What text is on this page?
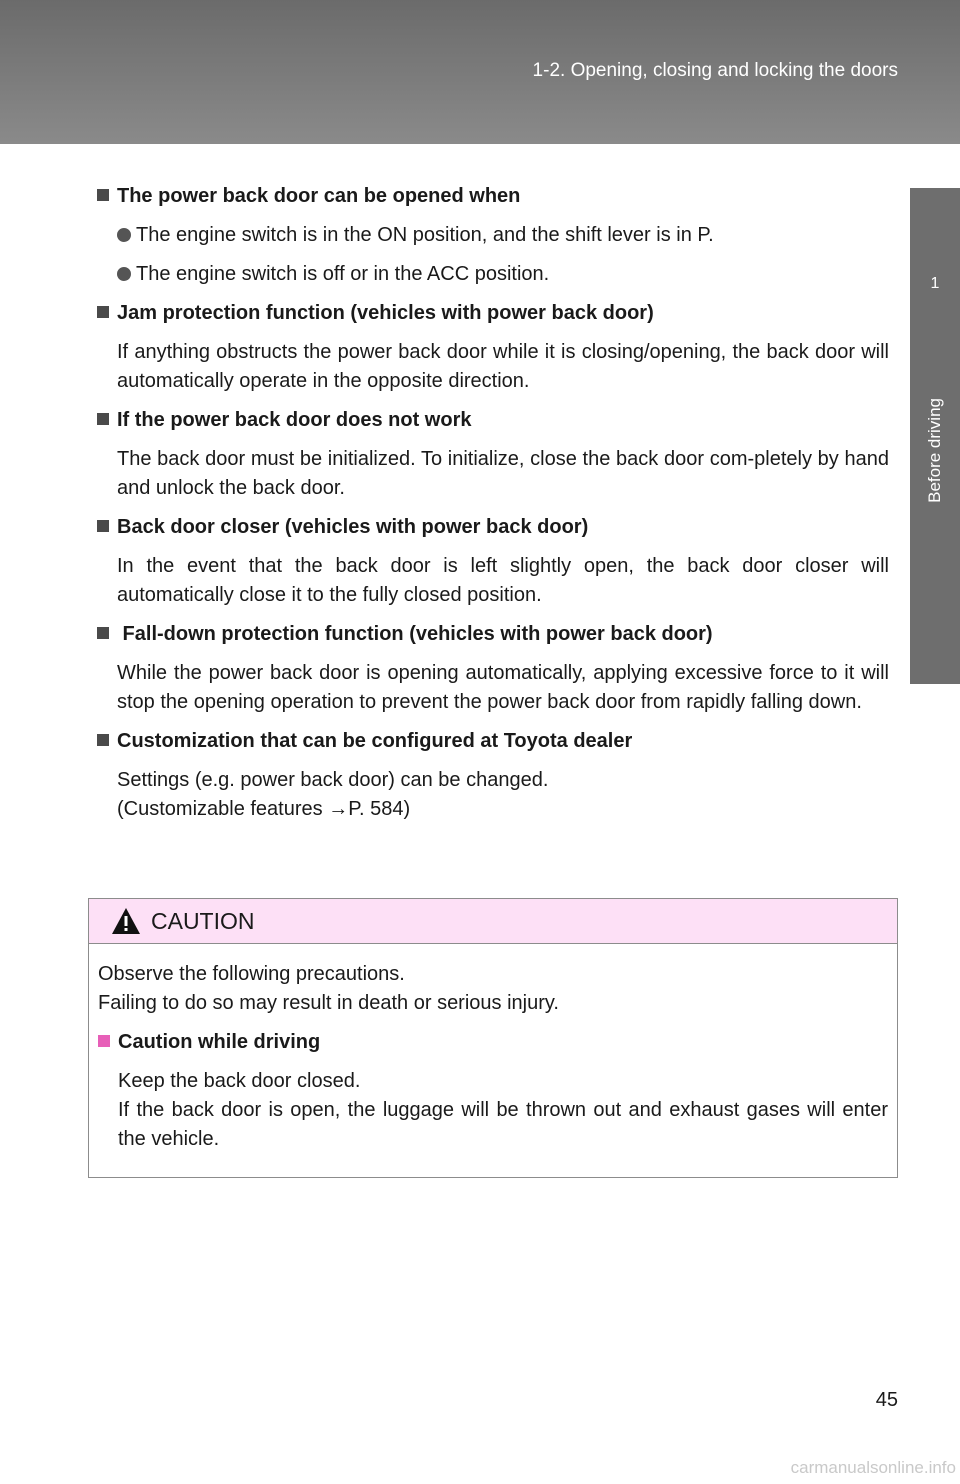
1-2. Opening, closing and locking the doors
1
Before driving
The power back door can be opened when
The engine switch is in the ON position, and the shift lever is in P.
The engine switch is off or in the ACC position.
Jam protection function (vehicles with power back door)
If anything obstructs the power back door while it is closing/opening, the back door will automatically operate in the opposite direction.
If the power back door does not work
The back door must be initialized. To initialize, close the back door com-pletely by hand and unlock the back door.
Back door closer (vehicles with power back door)
In the event that the back door is left slightly open, the back door closer will automatically close it to the fully closed position.
Fall-down protection function (vehicles with power back door)
While the power back door is opening automatically, applying excessive force to it will stop the opening operation to prevent the power back door from rapidly falling down.
Customization that can be configured at Toyota dealer
Settings (e.g. power back door) can be changed.
(Customizable features →P. 584)
CAUTION
Observe the following precautions.
Failing to do so may result in death or serious injury.
Caution while driving
Keep the back door closed.
If the back door is open, the luggage will be thrown out and exhaust gases will enter the vehicle.
45
carmanualsonline.info
